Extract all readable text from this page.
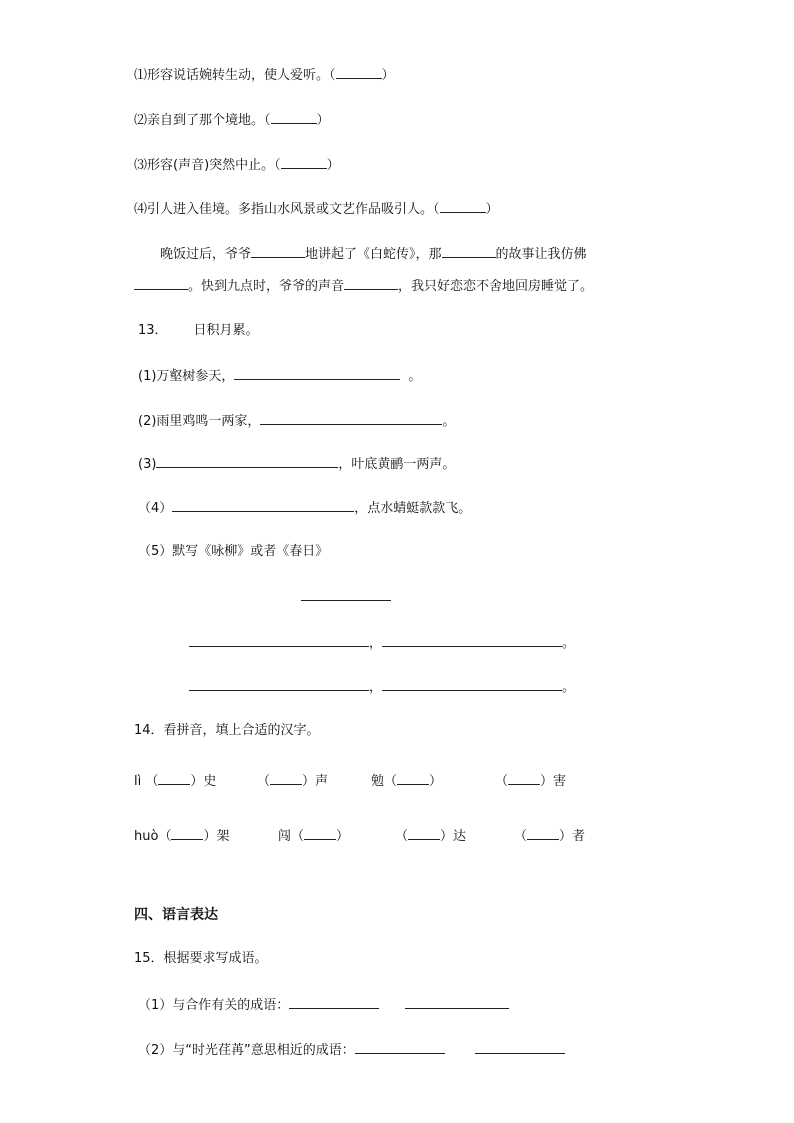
⑴形容说话婉转生动，使人爱听。（	）
⑵亲自到了那个境地。（	）
⑶形容(声音)突然中止。（	）
⑷引人进入佳境。多指山水风景或文艺作品吸引人。（	）
晚饭过后，爷爷	地讲起了《白蛇传》，那	的故事让我仿佛
。快到九点时，爷爷的声音	，我只好恋恋不舍地回房睡觉了。
13． 日积月累。
(1)万壑树参天，	。
(2)雨里鸡鸣一两家，	。
(3)	，叶底黄鹂一两声。
（4）	，点水蜻蜓款款飞。
（5）默写《咏柳》或者《春日》
，	。
，	。
14．看拼音，填上合适的汉字。
lì （ ）史	（ ）声	勉（ ）	（ ）害
huò（ ）架	闯（ ）	（ ）达	（ ）者
四、语言表达
15．根据要求写成语。
（1）与合作有关的成语：
（2）与“时光荏苒”意思相近的成语：
